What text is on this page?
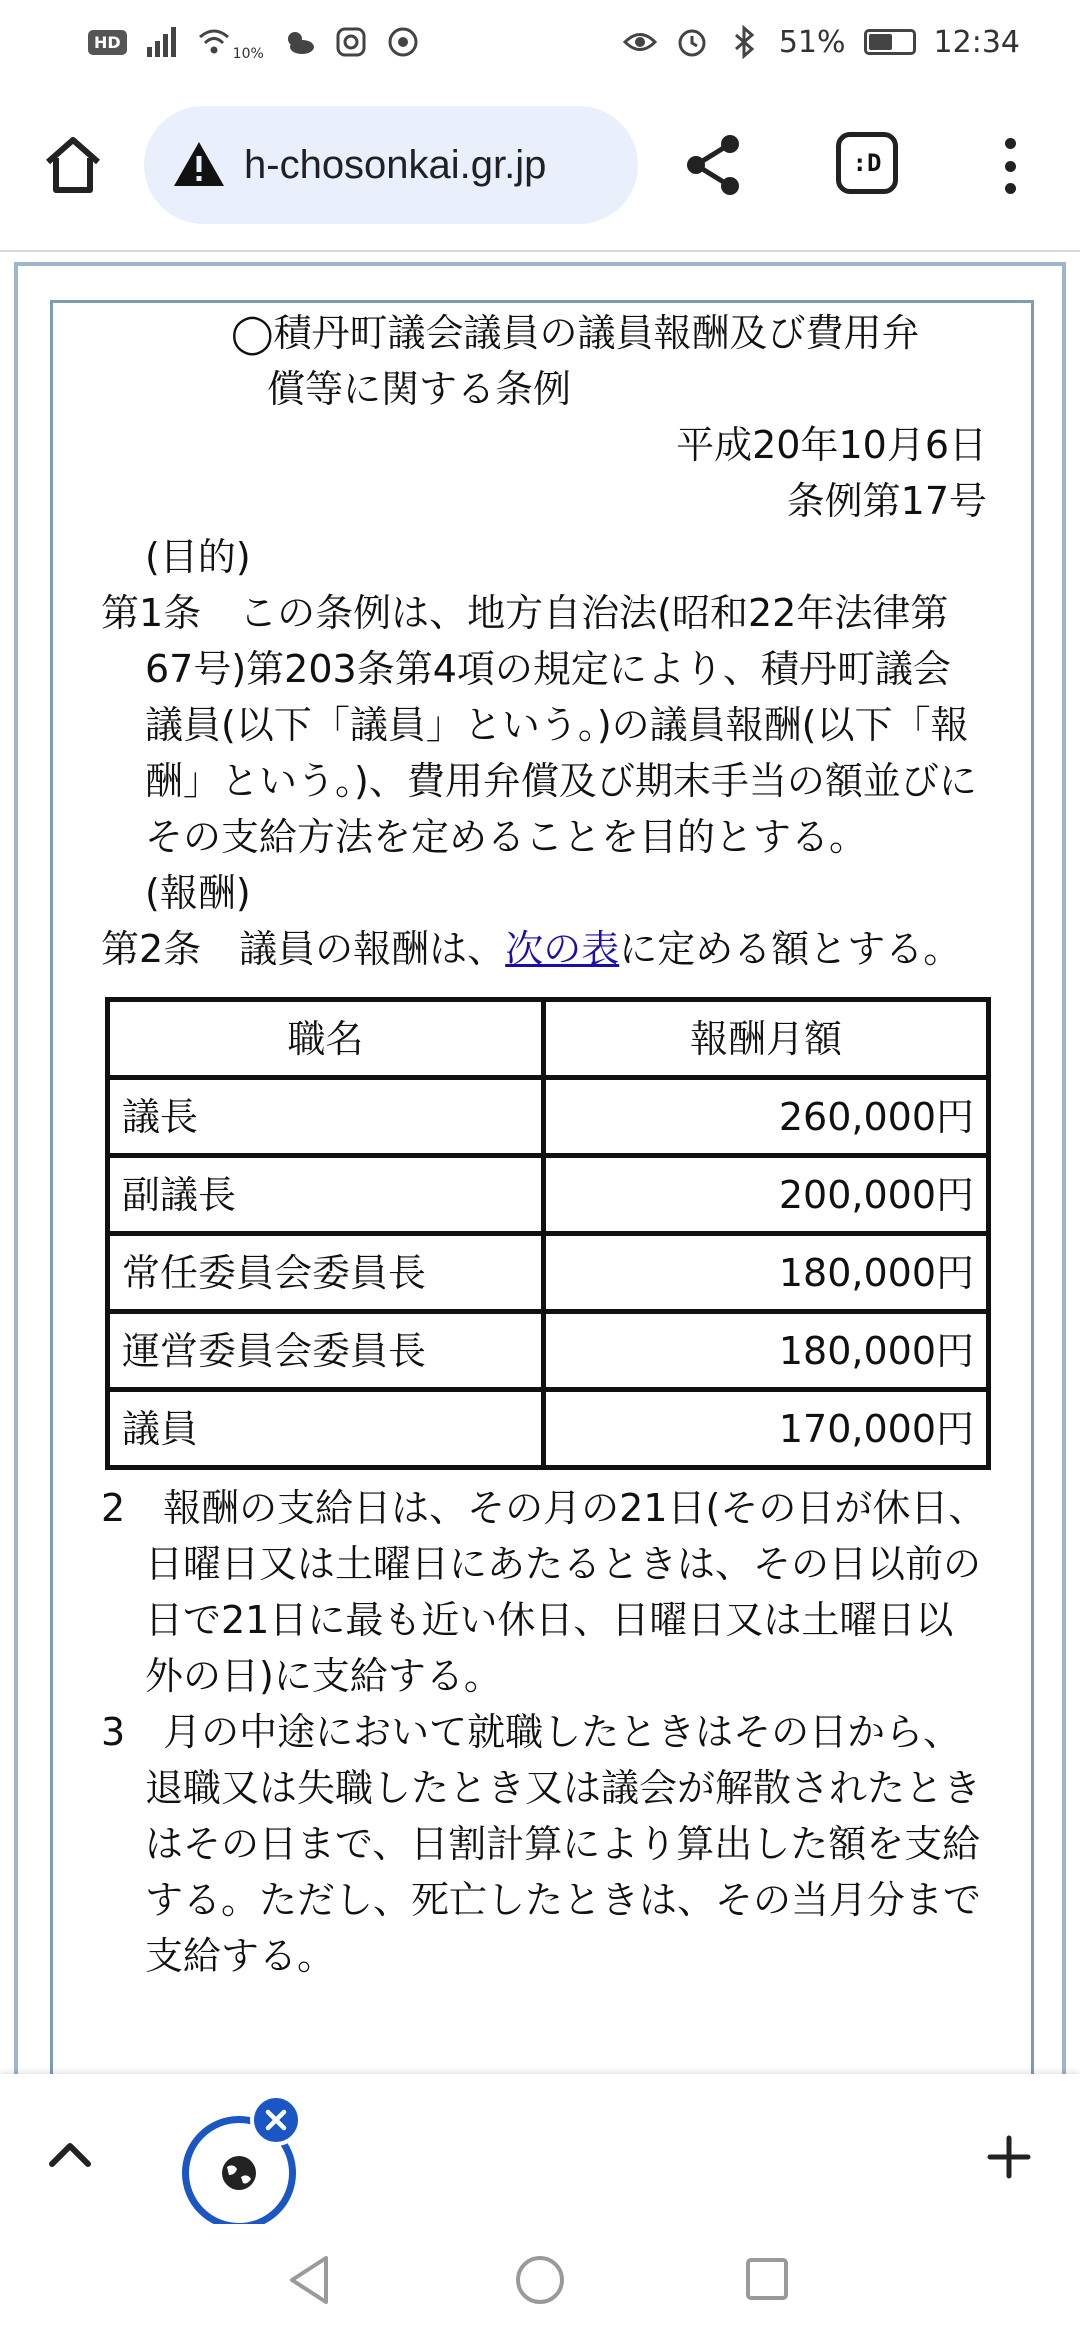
HD
10%	51%	12:34
h-chosonkai.gr.jp	:D
◯積丹町議会議員の議員報酬及び費用弁
償等に関する条例
平成20年10月6日
条例第17号
(目的)
第1条　この条例は、地方自治法(昭和22年法律第67号)第203条第4項の規定により、積丹町議会議員(以下「議員」という。)の議員報酬(以下「報酬」という。)、費用弁償及び期末手当の額並びにその支給方法を定めることを目的とする。
(報酬)
第2条　議員の報酬は、次の表に定める額とする。
職名	報酬月額
議長	260,000円
副議長	200,000円
常任委員会委員長	180,000円
運営委員会委員長	180,000円
議員	170,000円
2　報酬の支給日は、その月の21日(その日が休日、日曜日又は土曜日にあたるときは、その日以前の日で21日に最も近い休日、日曜日又は土曜日以外の日)に支給する。
3　月の中途において就職したときはその日から、退職又は失職したとき又は議会が解散されたときはその日まで、日割計算により算出した額を支給する。ただし、死亡したときは、その当月分まで支給する。
